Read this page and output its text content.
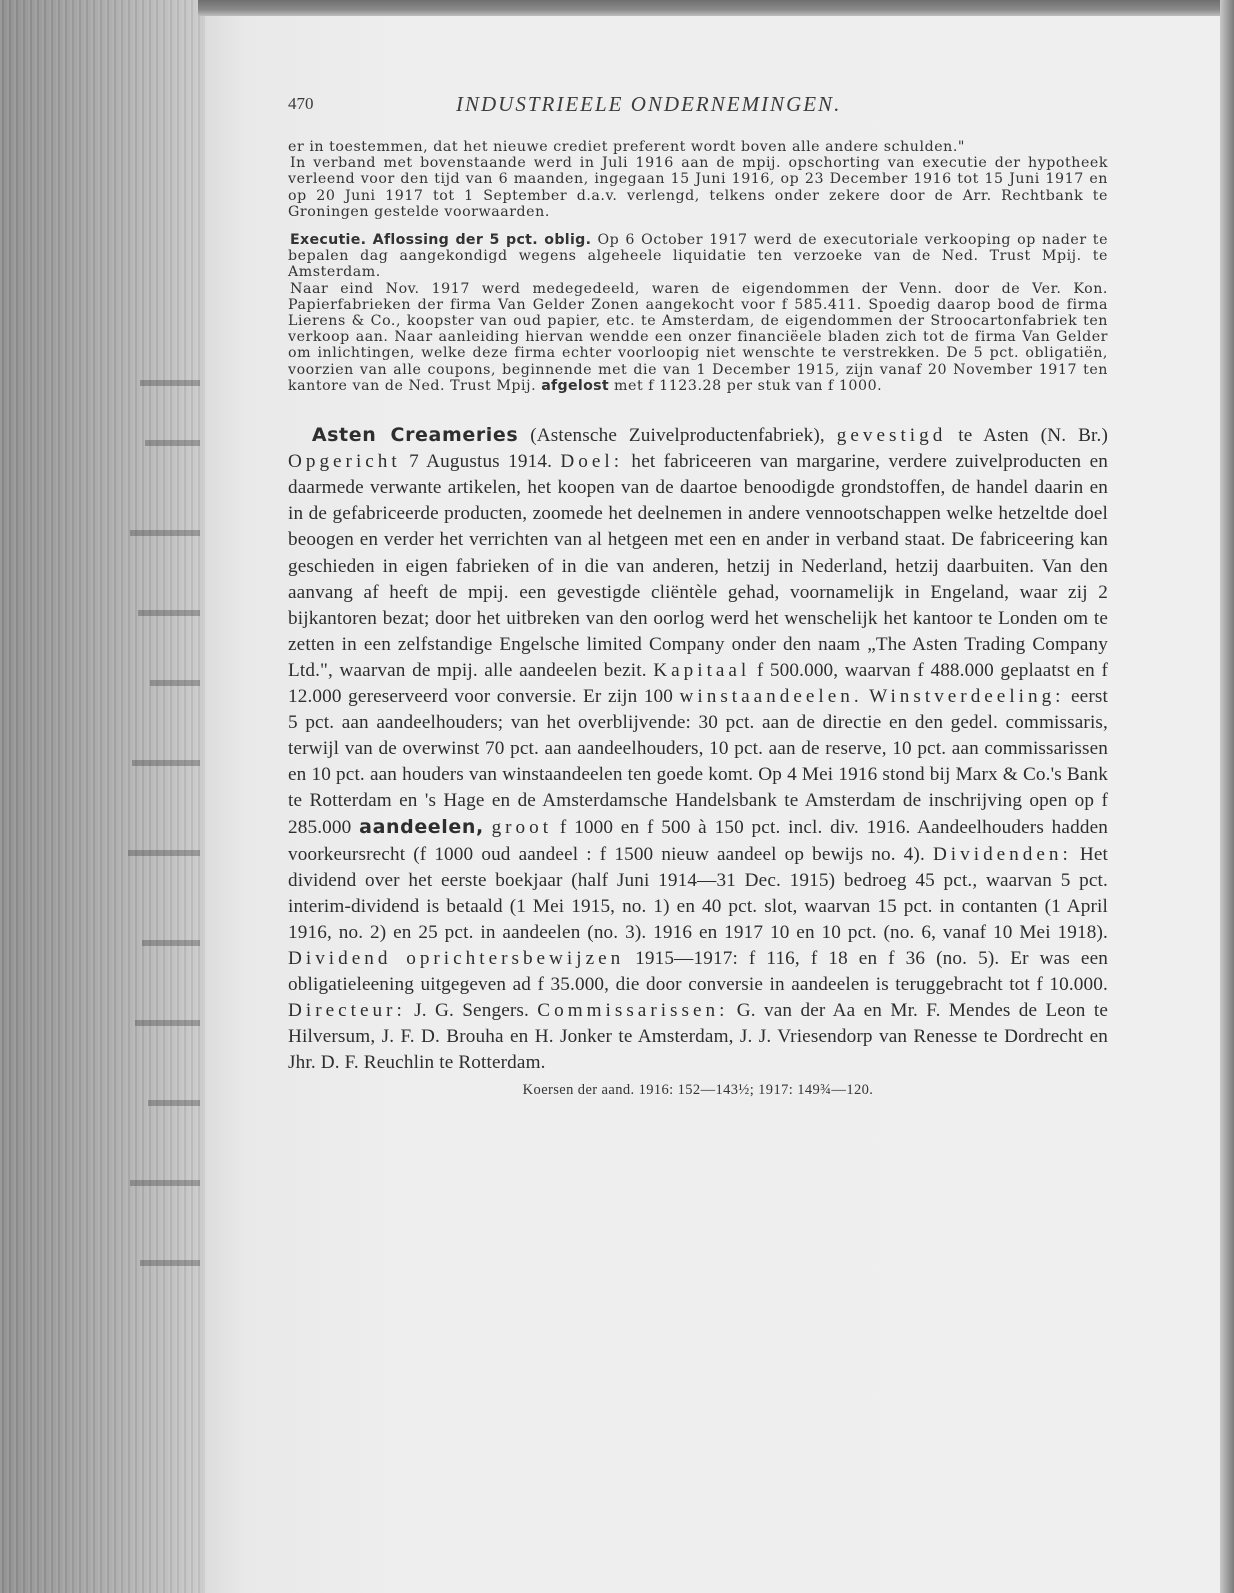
470	INDUSTRIEELE ONDERNEMINGEN.

er in toestemmen, dat het nieuwe crediet preferent wordt boven alle andere schulden."

In verband met bovenstaande werd in Juli 1916 aan de mpij. opschorting van executie der hypotheek verleend voor den tijd van 6 maanden, ingegaan 15 Juni 1916, op 23 December 1916 tot 15 Juni 1917 en op 20 Juni 1917 tot 1 September d.a.v. verlengd, telkens onder zekere door de Arr. Rechtbank te Groningen gestelde voorwaarden.

Executie. Aflossing der 5 pct. oblig. Op 6 October 1917 werd de executoriale verkooping op nader te bepalen dag aangekondigd wegens algeheele liquidatie ten verzoeke van de Ned. Trust Mpij. te Amsterdam.

Naar eind Nov. 1917 werd medegedeeld, waren de eigendommen der Venn. door de Ver. Kon. Papierfabrieken der firma Van Gelder Zonen aangekocht voor f 585.411. Spoedig daarop bood de firma Lierens & Co., koopster van oud papier, etc. te Amsterdam, de eigendommen der Stroocartonfabriek ten verkoop aan. Naar aanleiding hiervan wendde een onzer financiëele bladen zich tot de firma Van Gelder om inlichtingen, welke deze firma echter voorloopig niet wenschte te verstrekken. De 5 pct. obligatiën, voorzien van alle coupons, beginnende met die van 1 December 1915, zijn vanaf 20 November 1917 ten kantore van de Ned. Trust Mpij. afgelost met f 1123.28 per stuk van f 1000.

Asten Creameries (Astensche Zuivelproductenfabriek), gevestigd te Asten (N. Br.) Opgericht 7 Augustus 1914. Doel: het fabriceeren van margarine, verdere zuivelproducten en daarmede verwante artikelen, het koopen van de daartoe benoodigde grondstoffen, de handel daarin en in de gefabriceerde producten, zoomede het deelnemen in andere vennootschappen welke hetzeltde doel beoogen en verder het verrichten van al hetgeen met een en ander in verband staat. De fabriceering kan geschieden in eigen fabrieken of in die van anderen, hetzij in Nederland, hetzij daarbuiten. Van den aanvang af heeft de mpij. een gevestigde cliëntèle gehad, voornamelijk in Engeland, waar zij 2 bijkantoren bezat; door het uitbreken van den oorlog werd het wenschelijk het kantoor te Londen om te zetten in een zelfstandige Engelsche limited Company onder den naam „The Asten Trading Company Ltd.", waarvan de mpij. alle aandeelen bezit. Kapitaal f 500.000, waarvan f 488.000 geplaatst en f 12.000 gereserveerd voor conversie. Er zijn 100 winstaandeelen. Winstverdeeling: eerst 5 pct. aan aandeelhouders; van het overblijvende: 30 pct. aan de directie en den gedel. commissaris, terwijl van de overwinst 70 pct. aan aandeelhouders, 10 pct. aan de reserve, 10 pct. aan commissarissen en 10 pct. aan houders van winstaandeelen ten goede komt. Op 4 Mei 1916 stond bij Marx & Co.'s Bank te Rotterdam en 's Hage en de Amsterdamsche Handelsbank te Amsterdam de inschrijving open op f 285.000 aandeelen, groot f 1000 en f 500 à 150 pct. incl. div. 1916. Aandeelhouders hadden voorkeursrecht (f 1000 oud aandeel : f 1500 nieuw aandeel op bewijs no. 4). Dividenden: Het dividend over het eerste boekjaar (half Juni 1914—31 Dec. 1915) bedroeg 45 pct., waarvan 5 pct. interim-dividend is betaald (1 Mei 1915, no. 1) en 40 pct. slot, waarvan 15 pct. in contanten (1 April 1916, no. 2) en 25 pct. in aandeelen (no. 3). 1916 en 1917 10 en 10 pct. (no. 6, vanaf 10 Mei 1918). Dividend oprichtersbewijzen 1915—1917: f 116, f 18 en f 36 (no. 5). Er was een obligatieleening uitgegeven ad f 35.000, die door conversie in aandeelen is teruggebracht tot f 10.000. Directeur: J. G. Sengers. Commissarissen: G. van der Aa en Mr. F. Mendes de Leon te Hilversum, J. F. D. Brouha en H. Jonker te Amsterdam, J. J. Vriesendorp van Renesse te Dordrecht en Jhr. D. F. Reuchlin te Rotterdam.

Koersen der aand. 1916: 152—143½; 1917: 149¾—120.
